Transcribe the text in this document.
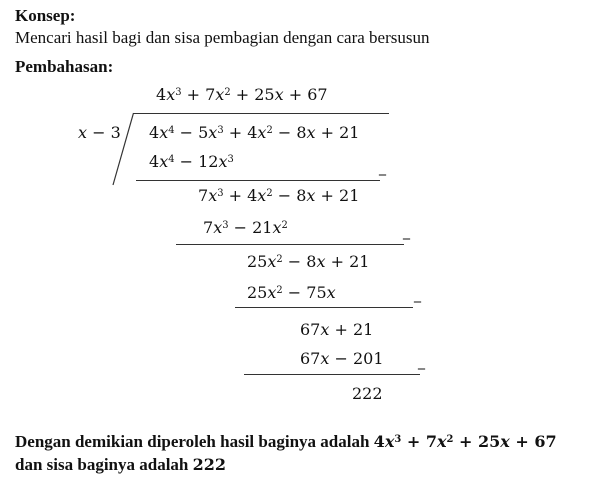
Konsep:
Mencari hasil bagi dan sisa pembagian dengan cara bersusun
Pembahasan:
$4x^3 + 7x^2 + 25x + 67$
x − 3 $4x^4 - 5x^3 + 4x^2 - 8x + 21$
$4x^4 - 12x^3$
_
$7x^3 + 4x^2 - 8x + 21$
$7x^3 - 21x^2$	_
$25x^2 - 8x + 21$
$25x^2 - 75x$	_
67x + 21
67x − 201 _
222
Dengan demikian diperoleh hasil baginya adalah $4x^3 + 7x^2 + 25x + 67$
dan sisa baginya adalah 222
